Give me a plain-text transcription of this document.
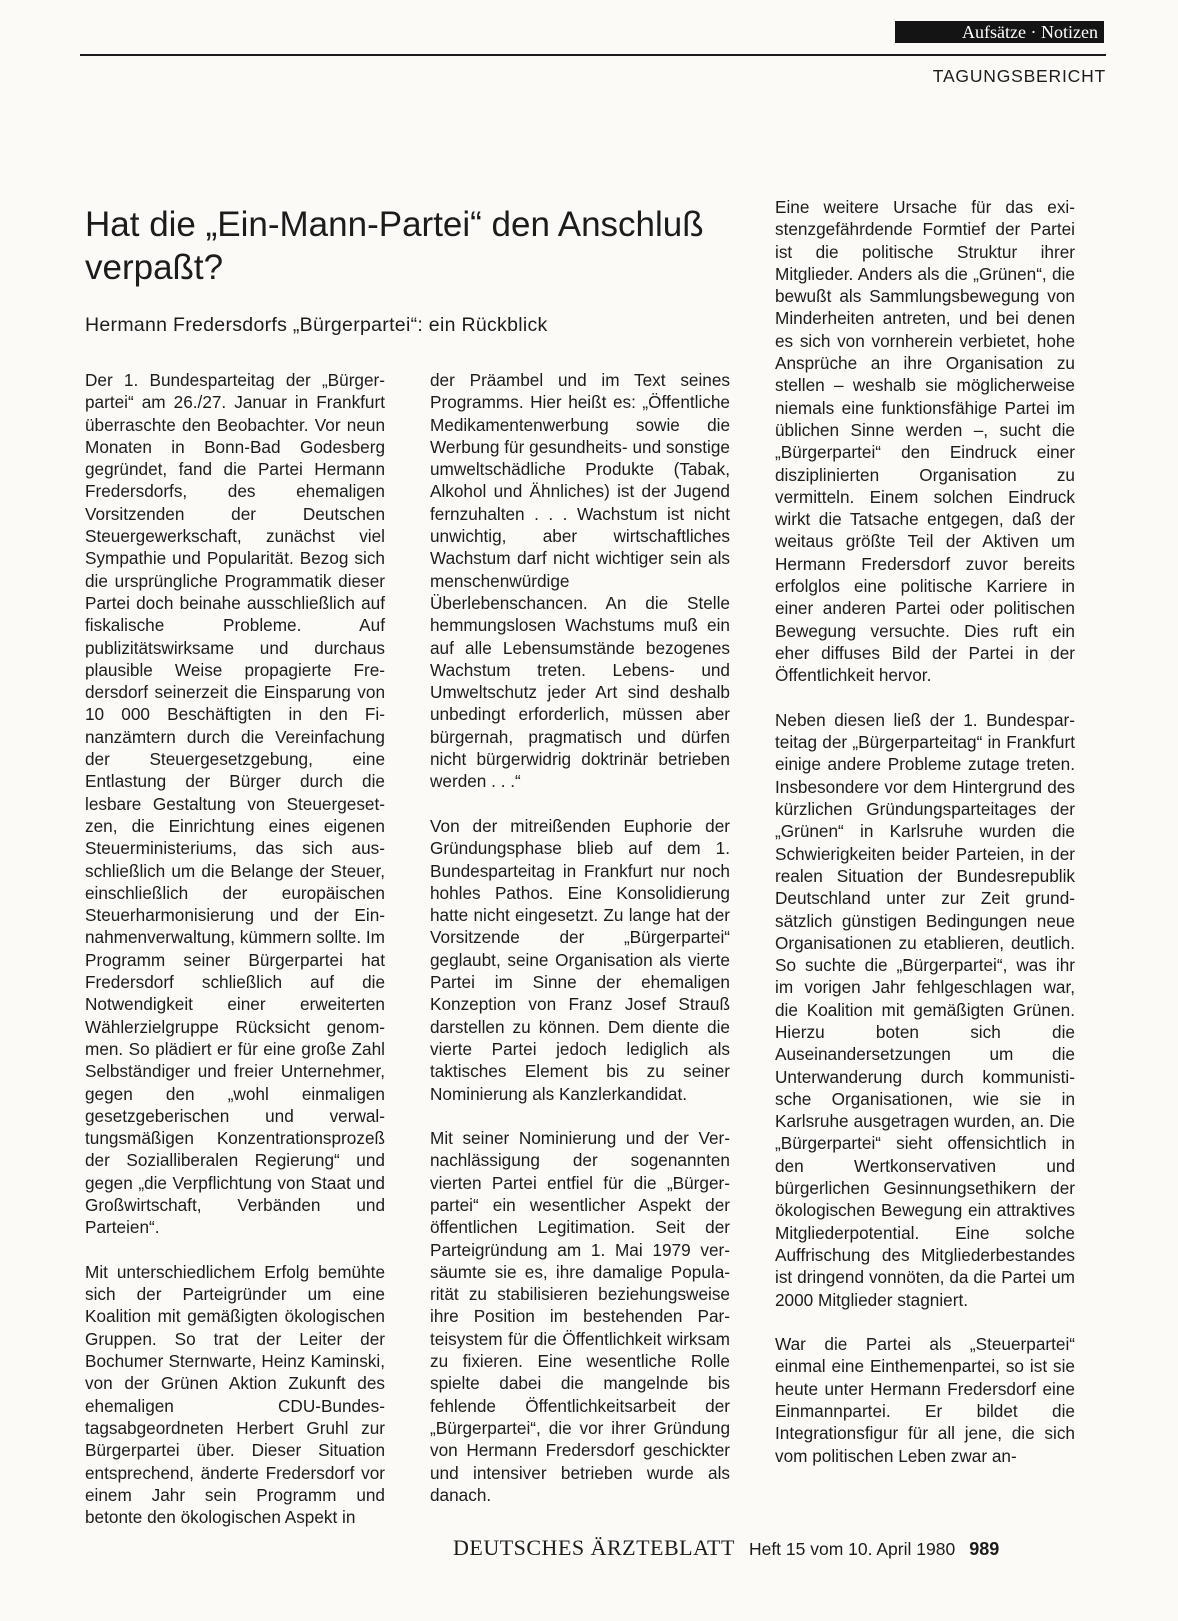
Aufsätze · Notizen
TAGUNGSBERICHT
Hat die „Ein-Mann-Partei“ den Anschluß verpaßt?
Hermann Fredersdorfs „Bürgerpartei“: ein Rückblick

Der 1. Bundesparteitag der „Bürgerpartei“ am 26./27. Januar in Frankfurt überraschte den Beobachter. Vor neun Monaten in Bonn-Bad Godesberg gegründet, fand die Partei Hermann Fredersdorfs, des ehemaligen Vorsitzenden der Deutschen Steuergewerkschaft, zunächst viel Sympathie und Popularität. Bezog sich die ursprüngliche Programmatik dieser Partei doch beinahe ausschließlich auf fiskalische Probleme. Auf publizitätswirksame und durchaus plausible Weise propagierte Fredersdorf seinerzeit die Einsparung von 10 000 Beschäftigten in den Finanzämtern durch die Vereinfachung der Steuergesetzgebung, eine Entlastung der Bürger durch die lesbare Gestaltung von Steuergesetzen, die Einrichtung eines eigenen Steuerministeriums, das sich ausschließlich um die Belange der Steuer, einschließlich der europäischen Steuerharmonisierung und der Einnahmenverwaltung, kümmern sollte. Im Programm seiner Bürgerpartei hat Fredersdorf schließlich auf die Notwendigkeit einer erweiterten Wählerzielgruppe Rücksicht genommen. So plädiert er für eine große Zahl Selbständiger und freier Unternehmer, gegen den „wohl einmaligen gesetzgeberischen und verwaltungsmäßigen Konzentrationsprozeß der Sozialliberalen Regierung“ und gegen „die Verpflichtung von Staat und Großwirtschaft, Verbänden und Parteien“.

Mit unterschiedlichem Erfolg bemühte sich der Parteigründer um eine Koalition mit gemäßigten ökologischen Gruppen. So trat der Leiter der Bochumer Sternwarte, Heinz Kaminski, von der Grünen Aktion Zukunft des ehemaligen CDU-Bundestagsabgeordneten Herbert Gruhl zur Bürgerpartei über. Dieser Situation entsprechend, änderte Fredersdorf vor einem Jahr sein Programm und betonte den ökologischen Aspekt in

der Präambel und im Text seines Programms. Hier heißt es: „Öffentliche Medikamentenwerbung sowie die Werbung für gesundheits- und sonstige umweltschädliche Produkte (Tabak, Alkohol und Ähnliches) ist der Jugend fernzuhalten . . . Wachstum ist nicht unwichtig, aber wirtschaftliches Wachstum darf nicht wichtiger sein als menschenwürdige Überlebenschancen. An die Stelle hemmungslosen Wachstums muß ein auf alle Lebensumstände bezogenes Wachstum treten. Lebens- und Umweltschutz jeder Art sind deshalb unbedingt erforderlich, müssen aber bürgernah, pragmatisch und dürfen nicht bürgerwidrig doktrinär betrieben werden . . .“

Von der mitreißenden Euphorie der Gründungsphase blieb auf dem 1. Bundesparteitag in Frankfurt nur noch hohles Pathos. Eine Konsolidierung hatte nicht eingesetzt. Zu lange hat der Vorsitzende der „Bürgerpartei“ geglaubt, seine Organisation als vierte Partei im Sinne der ehemaligen Konzeption von Franz Josef Strauß darstellen zu können. Dem diente die vierte Partei jedoch lediglich als taktisches Element bis zu seiner Nominierung als Kanzlerkandidat.

Mit seiner Nominierung und der Vernachlässigung der sogenannten vierten Partei entfiel für die „Bürgerpartei“ ein wesentlicher Aspekt der öffentlichen Legitimation. Seit der Parteigründung am 1. Mai 1979 versäumte sie es, ihre damalige Popularität zu stabilisieren beziehungsweise ihre Position im bestehenden Parteisystem für die Öffentlichkeit wirksam zu fixieren. Eine wesentliche Rolle spielte dabei die mangelnde bis fehlende Öffentlichkeitsarbeit der „Bürgerpartei“, die vor ihrer Gründung von Hermann Fredersdorf geschickter und intensiver betrieben wurde als danach.

Eine weitere Ursache für das existenzgefährdende Formtief der Partei ist die politische Struktur ihrer Mitglieder. Anders als die „Grünen“, die bewußt als Sammlungsbewegung von Minderheiten antreten, und bei denen es sich von vornherein verbietet, hohe Ansprüche an ihre Organisation zu stellen – weshalb sie möglicherweise niemals eine funktionsfähige Partei im üblichen Sinne werden –, sucht die „Bürgerpartei“ den Eindruck einer disziplinierten Organisation zu vermitteln. Einem solchen Eindruck wirkt die Tatsache entgegen, daß der weitaus größte Teil der Aktiven um Hermann Fredersdorf zuvor bereits erfolglos eine politische Karriere in einer anderen Partei oder politischen Bewegung versuchte. Dies ruft ein eher diffuses Bild der Partei in der Öffentlichkeit hervor.

Neben diesen ließ der 1. Bundesparteitag der „Bürgerparteitag“ in Frankfurt einige andere Probleme zutage treten. Insbesondere vor dem Hintergrund des kürzlichen Gründungsparteitages der „Grünen“ in Karlsruhe wurden die Schwierigkeiten beider Parteien, in der realen Situation der Bundesrepublik Deutschland unter zur Zeit grundsätzlich günstigen Bedingungen neue Organisationen zu etablieren, deutlich. So suchte die „Bürgerpartei“, was ihr im vorigen Jahr fehlgeschlagen war, die Koalition mit gemäßigten Grünen. Hierzu boten sich die Auseinandersetzungen um die Unterwanderung durch kommunistische Organisationen, wie sie in Karlsruhe ausgetragen wurden, an. Die „Bürgerpartei“ sieht offensichtlich in den Wertkonservativen und bürgerlichen Gesinnungsethikern der ökologischen Bewegung ein attraktives Mitgliederpotential. Eine solche Auffrischung des Mitgliederbestandes ist dringend vonnöten, da die Partei um 2000 Mitglieder stagniert.

War die Partei als „Steuerpartei“ einmal eine Einthemenpartei, so ist sie heute unter Hermann Fredersdorf eine Einmannpartei. Er bildet die Integrationsfigur für all jene, die sich vom politischen Leben zwar an-

DEUTSCHES ÄRZTEBLATT Heft 15 vom 10. April 1980 989
